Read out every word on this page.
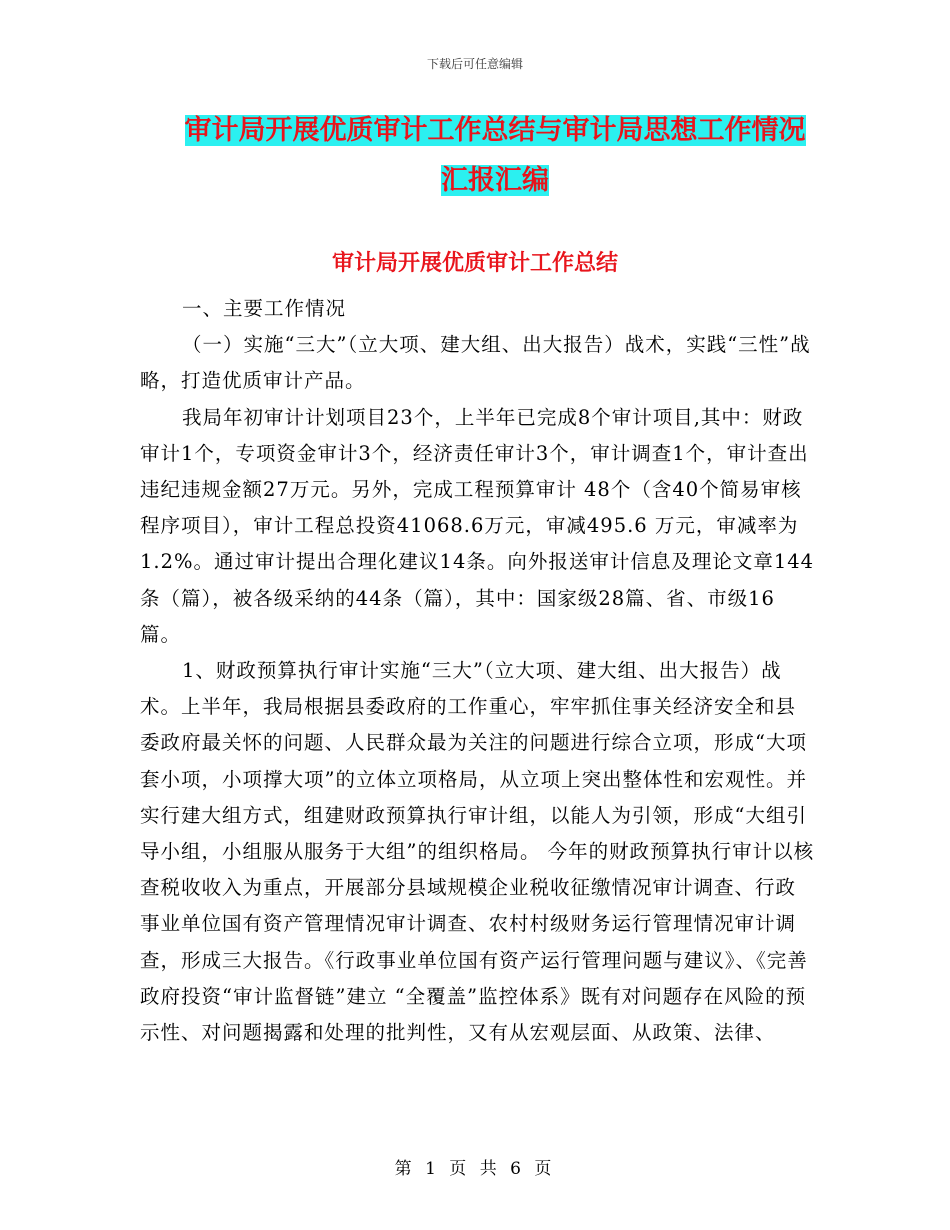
下载后可任意编辑
审计局开展优质审计工作总结与审计局思想工作情况
汇报汇编
审计局开展优质审计工作总结

一、主要工作情况

（一）实施“三大”（立大项、建大组、出大报告）战术，实践“三性”战略，打造优质审计产品。

我局年初审计计划项目23个，上半年已完成8个审计项目,其中：财政审计1个，专项资金审计3个，经济责任审计3个，审计调查1个，审计查出违纪违规金额27万元。另外，完成工程预算审计 48个（含40个简易审核程序项目），审计工程总投资41068.6万元，审减495.6 万元，审减率为1.2%。通过审计提出合理化建议14条。向外报送审计信息及理论文章144条（篇），被各级采纳的44条（篇），其中：国家级28篇、省、市级16篇。

1、财政预算执行审计实施“三大”（立大项、建大组、出大报告）战术。上半年，我局根据县委政府的工作重心，牢牢抓住事关经济安全和县委政府最关怀的问题、人民群众最为关注的问题进行综合立项，形成“大项套小项，小项撑大项”的立体立项格局，从立项上突出整体性和宏观性。并实行建大组方式，组建财政预算执行审计组，以能人为引领，形成“大组引导小组，小组服从服务于大组”的组织格局。 今年的财政预算执行审计以核查税收收入为重点，开展部分县域规模企业税收征缴情况审计调查、行政事业单位国有资产管理情况审计调查、农村村级财务运行管理情况审计调查，形成三大报告。《行政事业单位国有资产运行管理问题与建议》、《完善政府投资“审计监督链”建立 “全覆盖”监控体系》既有对问题存在风险的预示性、对问题揭露和处理的批判性，又有从宏观层面、从政策、法律、

第 1 页 共 6 页
